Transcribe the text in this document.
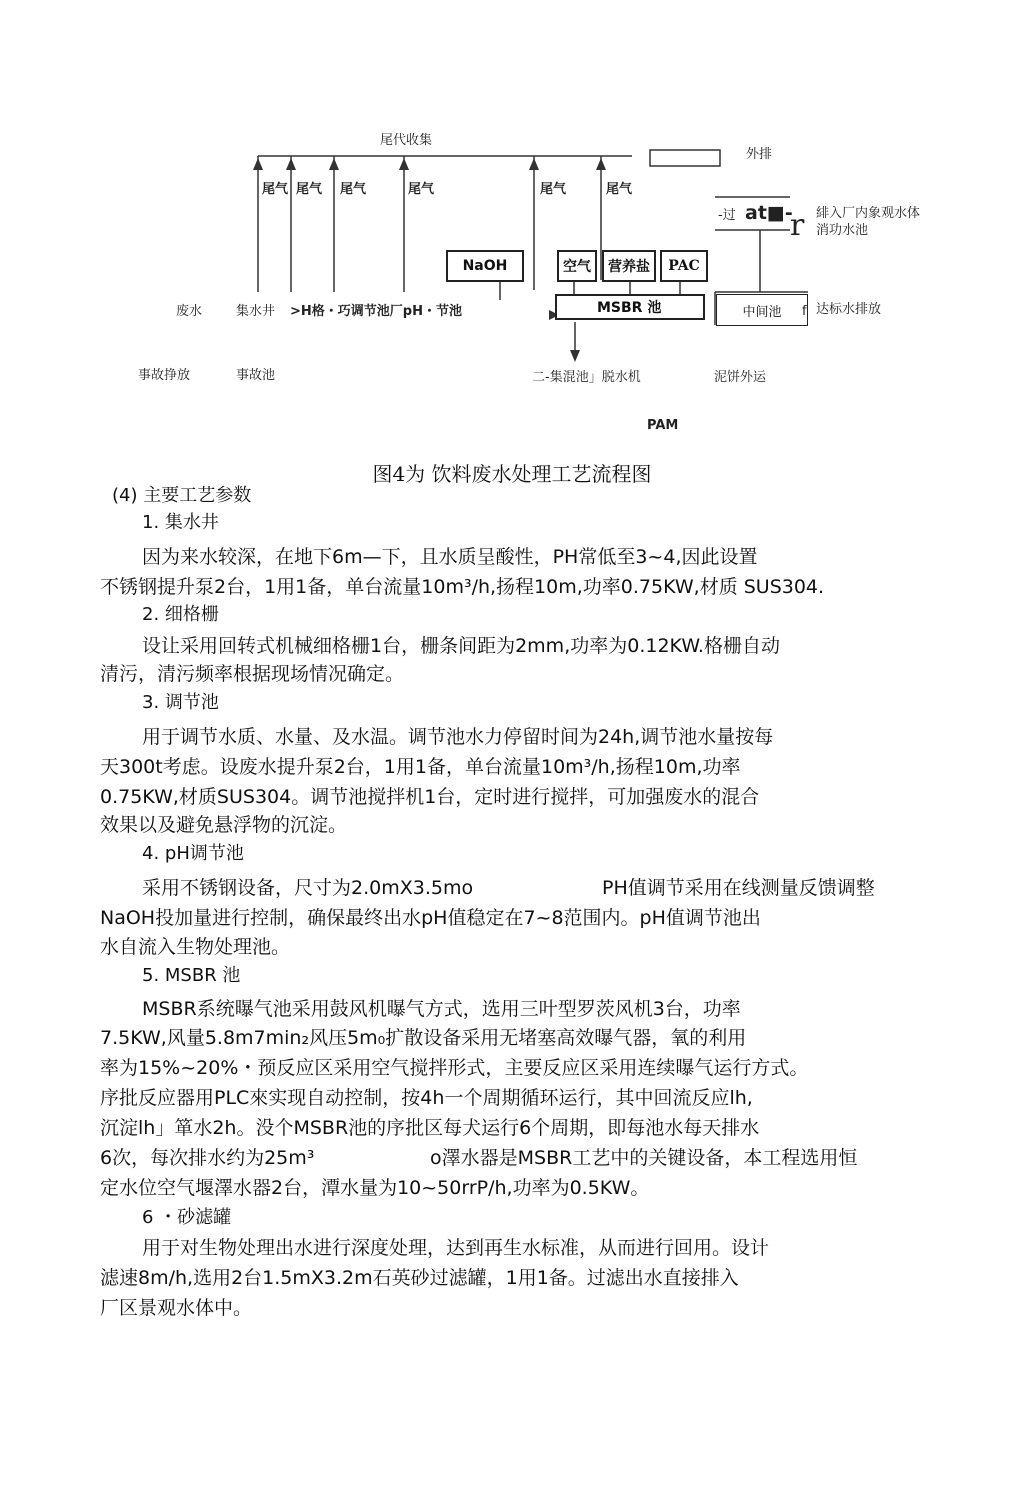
尾代收集
外排
尾气 尾气 尾气	尾气	尾气	尾气
NaOH	空气	营养盐	PAC
MSBR 池
废水	集水井 >H格・巧调节池厂pH・节池	中间池	f 达标水排放
-过 at■-
r 緋入厂内象观水体
消功水池
事故挣放	事故池	二-集混池」脱水机	泥饼外运
PAM
图4为 饮料废水处理工艺流程图
(4) 主要工艺参数
1. 集水井
因为来水较深，在地下6m—下，且水质呈酸性，PH常低至3~4,因此设置
不锈钢提升泵2台，1用1备，单台流量10m³/h,扬程10m,功率0.75KW,材质 SUS304.
2. 细格栅
设让采用回转式机械细格栅1台，栅条间距为2mm,功率为0.12KW.格栅自动
清污，清污频率根据现场情况确定。
3. 调节池
用于调节水质、水量、及水温。调节池水力停留时间为24h,调节池水量按每
天300t考虑。设废水提升泵2台，1用1备，单台流量10m³/h,扬程10m,功率
0.75KW,材质SUS304。调节池搅拌机1台，定时进行搅拌，可加强废水的混合
效果以及避免悬浮物的沉淀。
4. pH调节池
采用不锈钢设备，尺寸为2.0mX3.5mo	PH值调节采用在线测量反馈调整
NaOH投加量进行控制，确保最终出水pH值稳定在7~8范围内。pH值调节池出
水自流入生物处理池。
5. MSBR 池
MSBR系统曝气池采用鼓风机曝气方式，选用三叶型罗茨风机3台，功率
7.5KW,风量5.8m7min₂风压5m₀扩散设备采用无堵塞高效曝气器，氧的利用
率为15%~20%・预反应区采用空气搅拌形式，主要反应区采用连续曝气运行方式。
序批反应器用PLC來实现自动控制，按4h一个周期循环运行，其中回流反应lh,
沉淀lh」箪水2h。没个MSBR池的序批区每犬运行6个周期，即每池水每天排水
6次，每次排水约为25m³	o澤水器是MSBR工艺中的关键设备，本工程选用恒
定水位空气堰澤水器2台，潭水量为10~50rrP/h,功率为0.5KW。
6 ・砂滤罐
用于对生物处理出水进行深度处理，达到再生水标准，从而进行回用。设计
滤速8m/h,选用2台1.5mX3.2m石英砂过滤罐，1用1备。过滤出水直接排入
厂区景观水体中。
